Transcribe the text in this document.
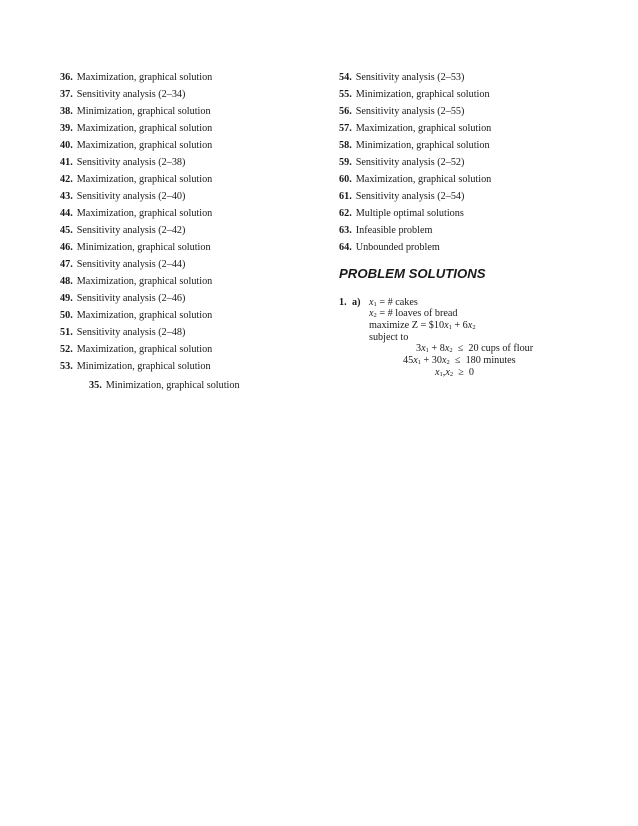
36. Maximization, graphical solution
37. Sensitivity analysis (2–34)
38. Minimization, graphical solution
39. Maximization, graphical solution
40. Maximization, graphical solution
41. Sensitivity analysis (2–38)
42. Maximization, graphical solution
43. Sensitivity analysis (2–40)
44. Maximization, graphical solution
45. Sensitivity analysis (2–42)
46. Minimization, graphical solution
47. Sensitivity analysis (2–44)
48. Maximization, graphical solution
49. Sensitivity analysis (2–46)
50. Maximization, graphical solution
51. Sensitivity analysis (2–48)
52. Maximization, graphical solution
53. Minimization, graphical solution
54. Sensitivity analysis (2–53)
55. Minimization, graphical solution
56. Sensitivity analysis (2–55)
57. Maximization, graphical solution
58. Minimization, graphical solution
59. Sensitivity analysis (2–52)
60. Maximization, graphical solution
61. Sensitivity analysis (2–54)
62. Multiple optimal solutions
63. Infeasible problem
64. Unbounded problem
35. Minimization, graphical solution
PROBLEM SOLUTIONS
1. a) $x_1$ = # cakes
$x_2$ = # loaves of bread
maximize $Z = \$10x_1 + 6x_2$
subject to
$3x_1 + 8x_2 \le 20$ cups of flour
$45x_1 + 30x_2 \le 180$ minutes
$x_1,x_2 \ge 0$
